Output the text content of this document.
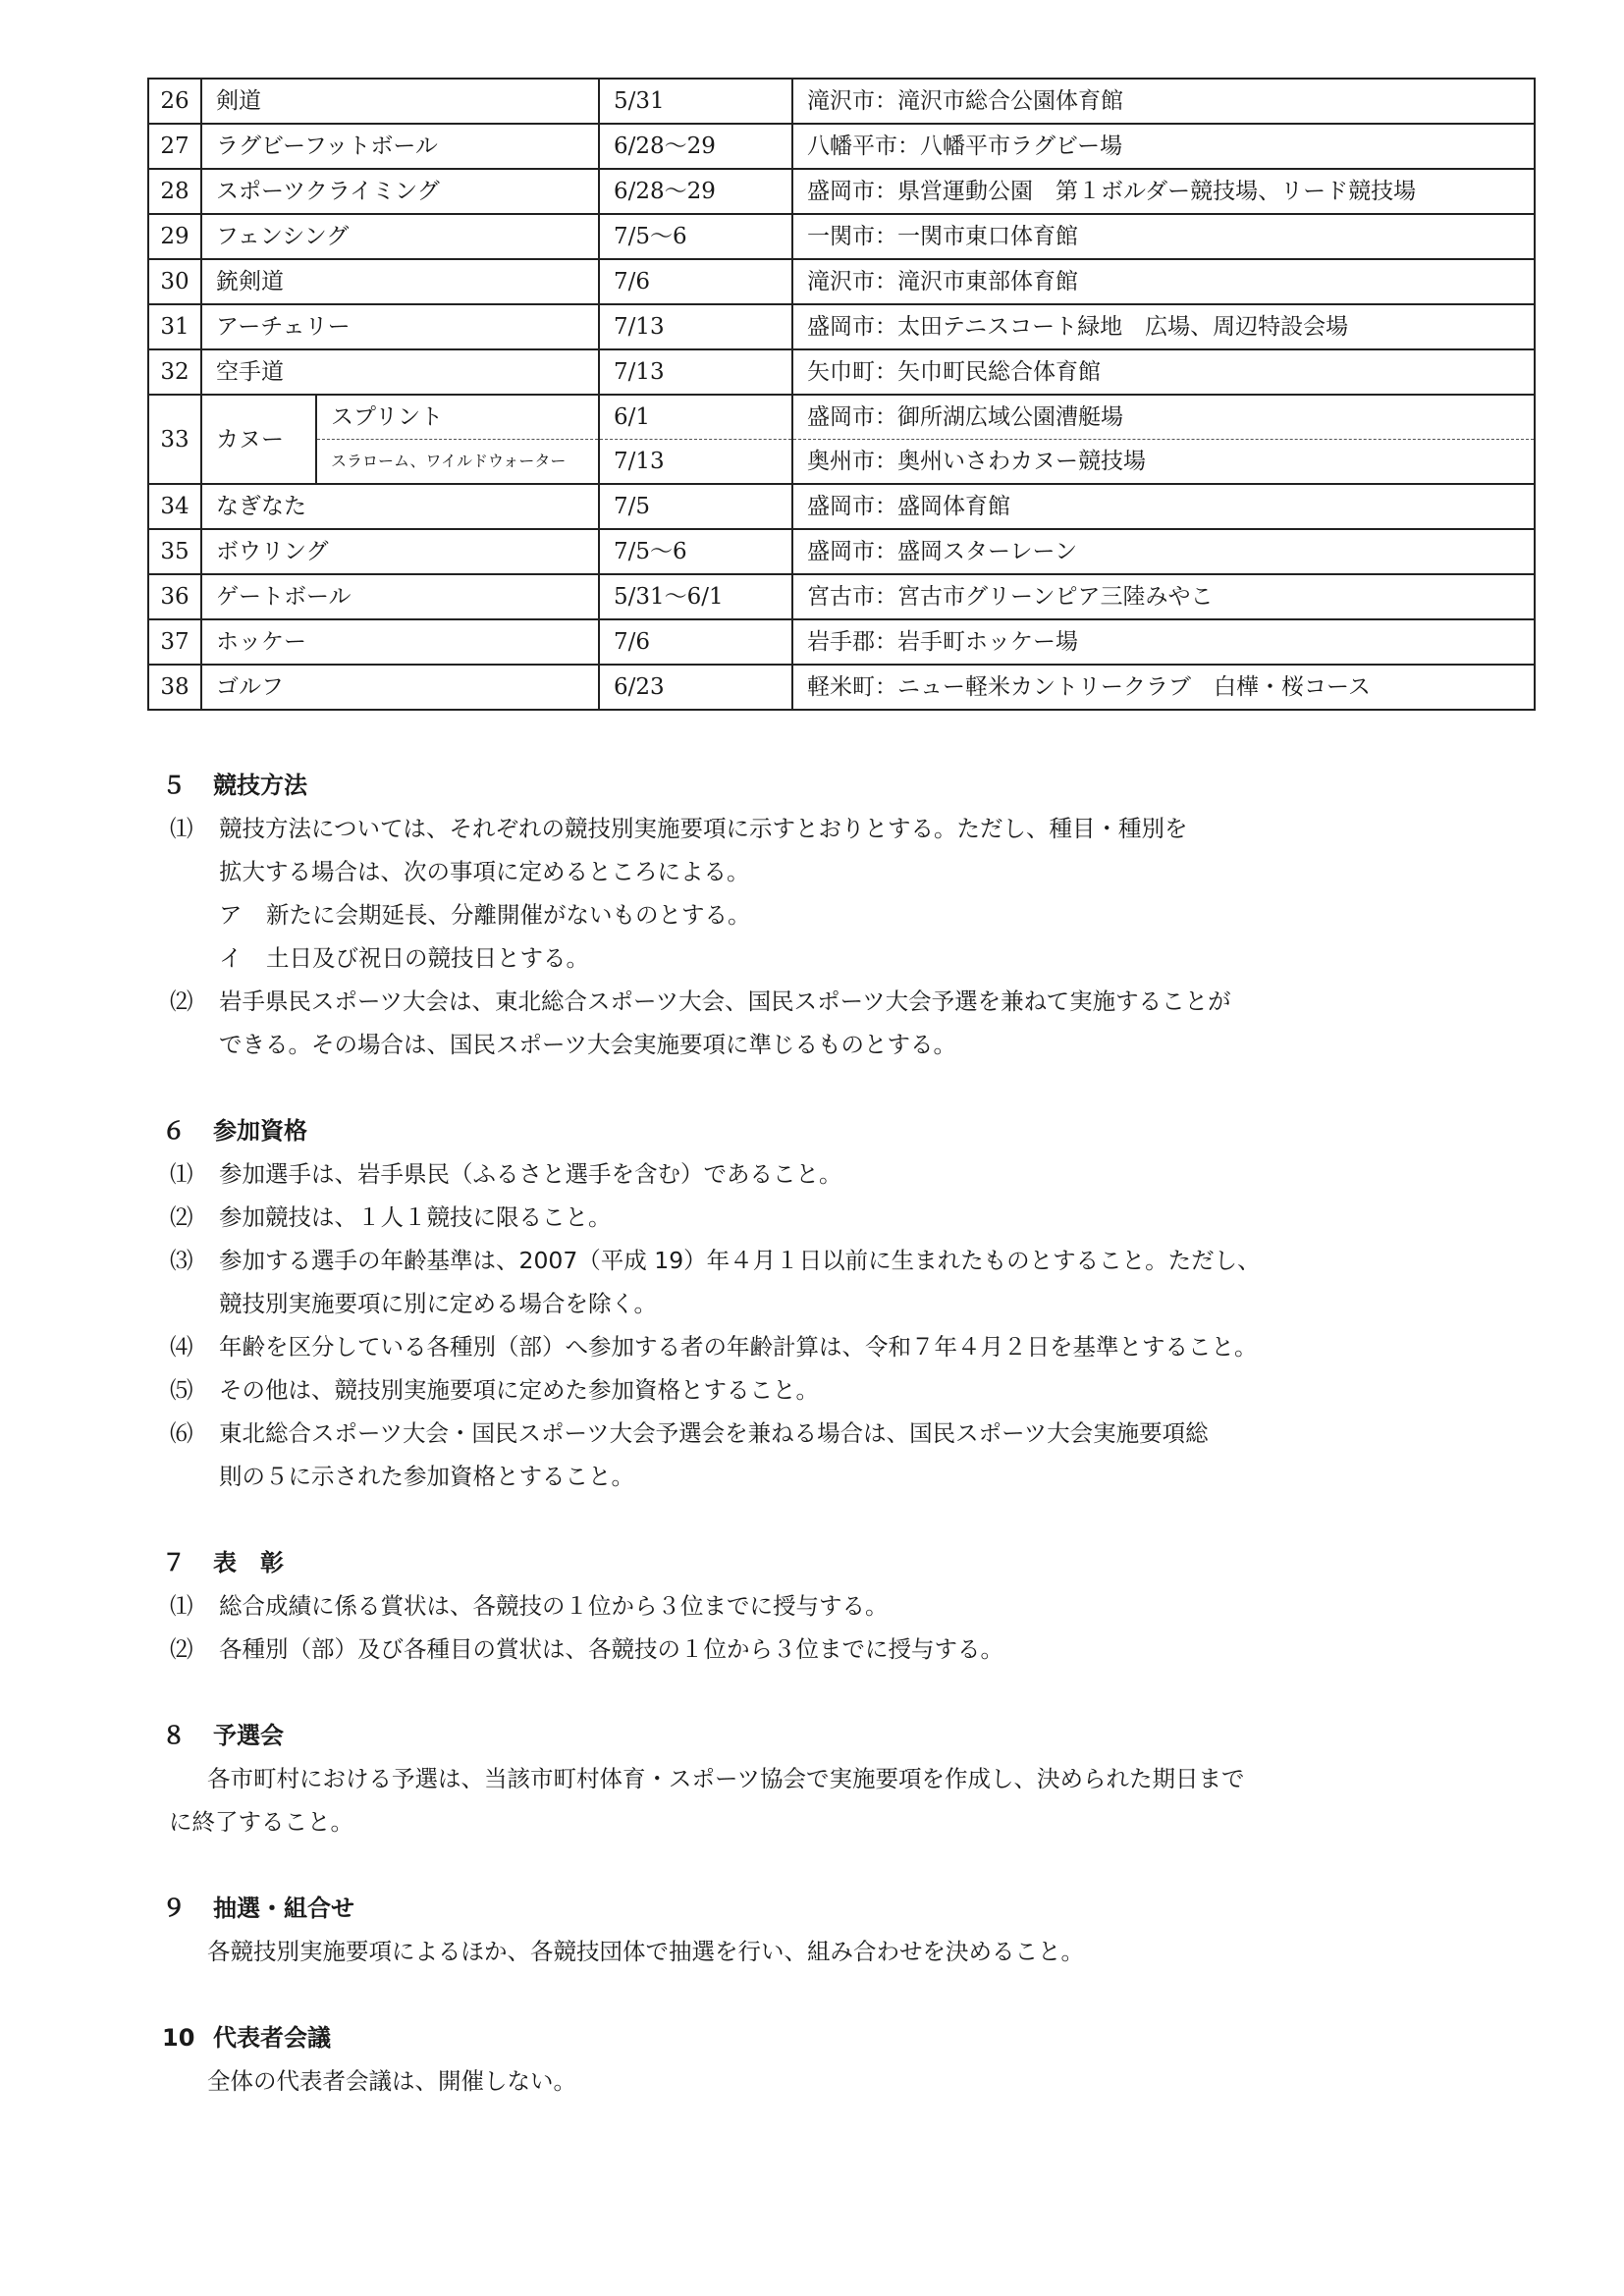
26	剣道		5/31	滝沢市：滝沢市総合公園体育館
27	ラグビーフットボール		6/28～29	八幡平市：八幡平市ラグビー場
28	スポーツクライミング		6/28～29	盛岡市：県営運動公園　第１ボルダー競技場、リード競技場
29	フェンシング		7/5～6	一関市：一関市東口体育館
30	銃剣道		7/6	滝沢市：滝沢市東部体育館
31	アーチェリー		7/13	盛岡市：太田テニスコート緑地　広場、周辺特設会場
32	空手道		7/13	矢巾町：矢巾町民総合体育館
33	カヌー	スプリント	6/1	盛岡市：御所湖広域公園漕艇場
		スラローム、ワイルドウォーター	7/13	奥州市：奥州いさわカヌー競技場
34	なぎなた		7/5	盛岡市：盛岡体育館
35	ボウリング		7/5～6	盛岡市：盛岡スターレーン
36	ゲートボール		5/31～6/1	宮古市：宮古市グリーンピア三陸みやこ
37	ホッケー		7/6	岩手郡：岩手町ホッケー場
38	ゴルフ		6/23	軽米町：ニュー軽米カントリークラブ　白樺・桜コース
５ 競技方法
⑴ 競技方法については、それぞれの競技別実施要項に示すとおりとする。ただし、種目・種別を
拡大する場合は、次の事項に定めるところによる。
ア 新たに会期延長、分離開催がないものとする。
イ 土日及び祝日の競技日とする。
⑵ 岩手県民スポーツ大会は、東北総合スポーツ大会、国民スポーツ大会予選を兼ねて実施することが
できる。その場合は、国民スポーツ大会実施要項に準じるものとする。
６ 参加資格
⑴ 参加選手は、岩手県民（ふるさと選手を含む）であること。
⑵ 参加競技は、１人１競技に限ること。
⑶ 参加する選手の年齢基準は、2007（平成 19）年４月１日以前に生まれたものとすること。ただし、
競技別実施要項に別に定める場合を除く。
⑷ 年齢を区分している各種別（部）へ参加する者の年齢計算は、令和７年４月２日を基準とすること。
⑸ その他は、競技別実施要項に定めた参加資格とすること。
⑹ 東北総合スポーツ大会・国民スポーツ大会予選会を兼ねる場合は、国民スポーツ大会実施要項総
則の５に示された参加資格とすること。
７ 表　彰
⑴ 総合成績に係る賞状は、各競技の１位から３位までに授与する。
⑵ 各種別（部）及び各種目の賞状は、各競技の１位から３位までに授与する。
８ 予選会
各市町村における予選は、当該市町村体育・スポーツ協会で実施要項を作成し、決められた期日まで
に終了すること。
９ 抽選・組合せ
各競技別実施要項によるほか、各競技団体で抽選を行い、組み合わせを決めること。
10 代表者会議
全体の代表者会議は、開催しない。
